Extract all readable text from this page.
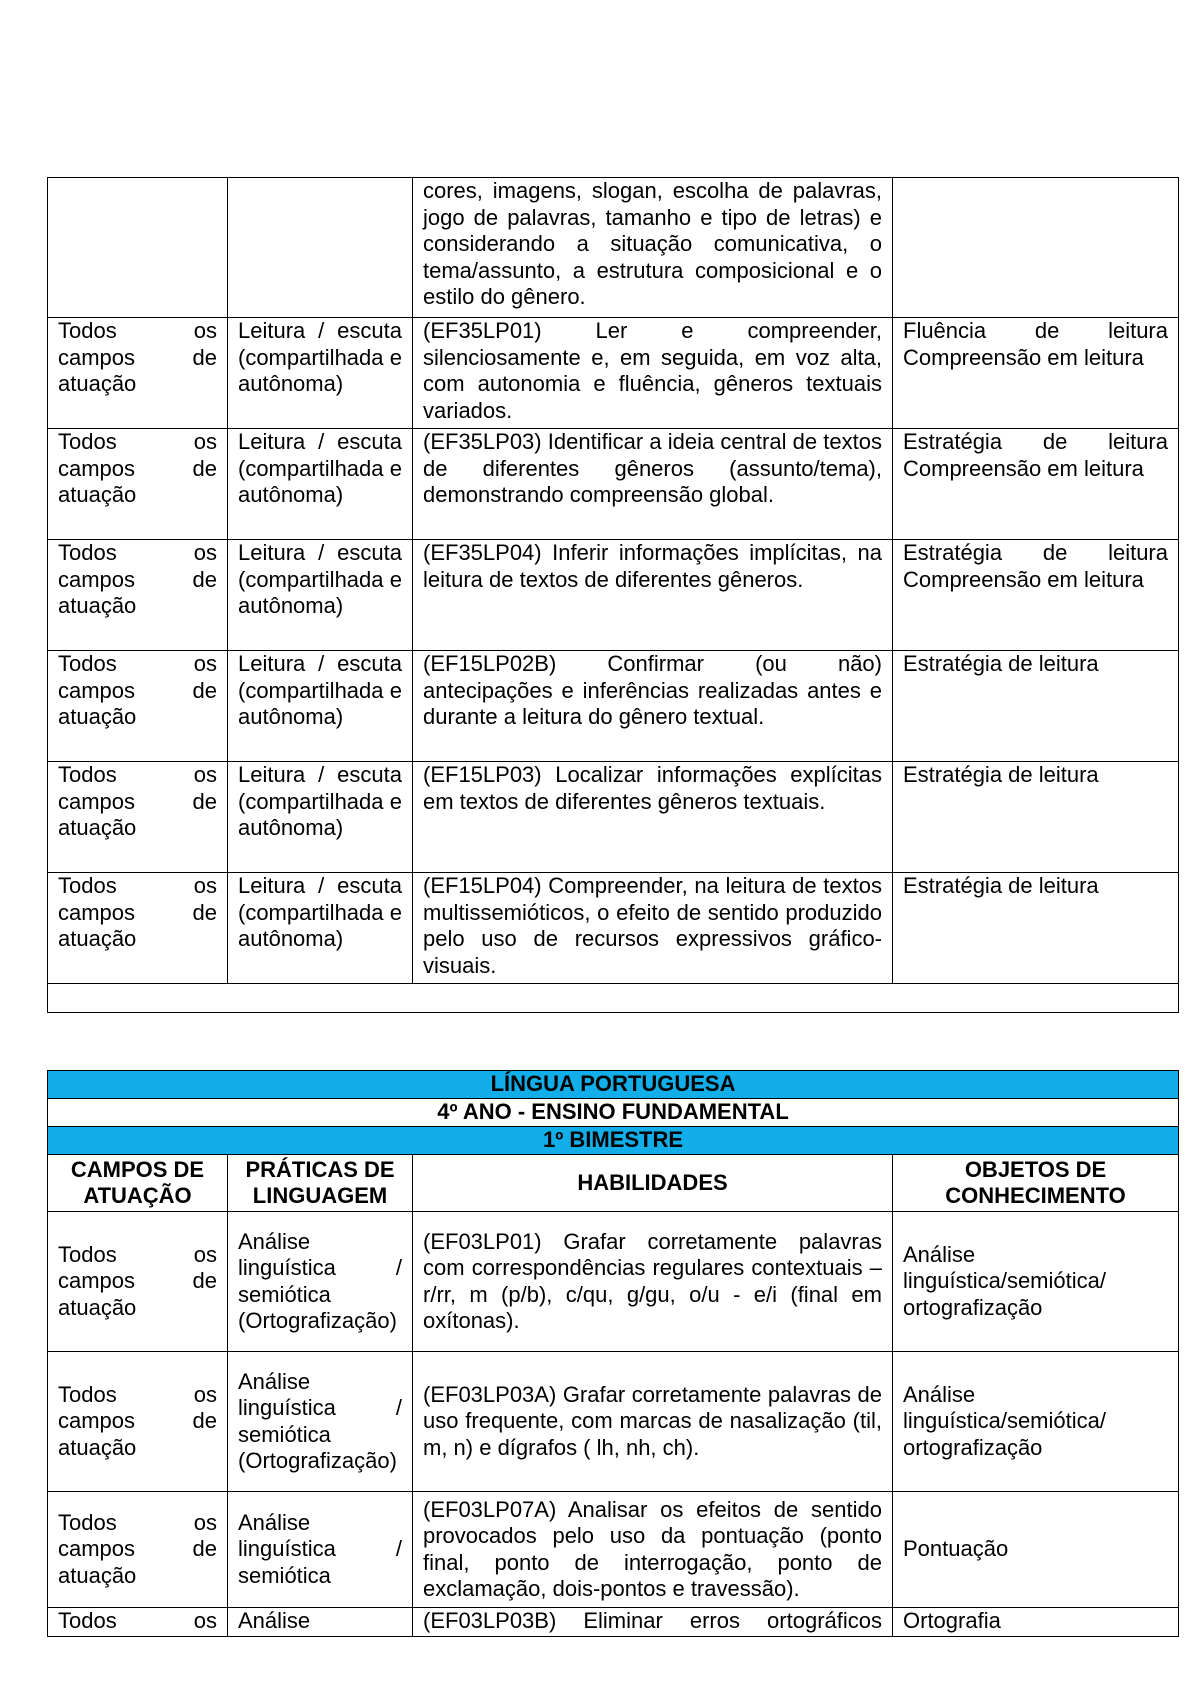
		cores, imagens, slogan, escolha de palavras, jogo de palavras, tamanho e tipo de letras) e considerando a situação comunicativa, o tema/assunto, a estrutura composicional e o estilo do gênero.	
Todos os campos de atuação	Leitura / escuta (compartilhada e autônoma)	(EF35LP01) Ler e compreender, silenciosamente e, em seguida, em voz alta, com autonomia e fluência, gêneros textuais variados.	Fluência de leitura Compreensão em leitura
Todos os campos de atuação	Leitura / escuta (compartilhada e autônoma)	(EF35LP03) Identificar a ideia central de textos de diferentes gêneros (assunto/tema), demonstrando compreensão global.	Estratégia de leitura Compreensão em leitura
Todos os campos de atuação	Leitura / escuta (compartilhada e autônoma)	(EF35LP04) Inferir informações implícitas, na leitura de textos de diferentes gêneros.	Estratégia de leitura Compreensão em leitura
Todos os campos de atuação	Leitura / escuta (compartilhada e autônoma)	(EF15LP02B) Confirmar (ou não) antecipações e inferências realizadas antes e durante a leitura do gênero textual.	Estratégia de leitura
Todos os campos de atuação	Leitura / escuta (compartilhada e autônoma)	(EF15LP03) Localizar informações explícitas em textos de diferentes gêneros textuais.	Estratégia de leitura
Todos os campos de atuação	Leitura / escuta (compartilhada e autônoma)	(EF15LP04) Compreender, na leitura de textos multissemióticos, o efeito de sentido produzido pelo uso de recursos expressivos gráfico-visuais.	Estratégia de leitura

LÍNGUA PORTUGUESA			
4º ANO - ENSINO FUNDAMENTAL			
1º BIMESTRE			
CAMPOS DE ATUAÇÃO	PRÁTICAS DE LINGUAGEM	HABILIDADES	OBJETOS DE CONHECIMENTO
Todos os campos de atuação	Análise linguística / semiótica (Ortografização)	(EF03LP01) Grafar corretamente palavras com correspondências regulares contextuais – r/rr, m (p/b), c/qu, g/gu, o/u - e/i (final em oxítonas).	Análise linguística/semiótica/ ortografização
Todos os campos de atuação	Análise linguística / semiótica (Ortografização)	(EF03LP03A) Grafar corretamente palavras de uso frequente, com marcas de nasalização (til, m, n) e dígrafos ( lh, nh, ch).	Análise linguística/semiótica/ ortografização
Todos os campos de atuação	Análise linguística / semiótica	(EF03LP07A) Analisar os efeitos de sentido provocados pelo uso da pontuação (ponto final, ponto de interrogação, ponto de exclamação, dois-pontos e travessão).	Pontuação
Todos os	Análise	(EF03LP03B) Eliminar erros ortográficos	Ortografia
